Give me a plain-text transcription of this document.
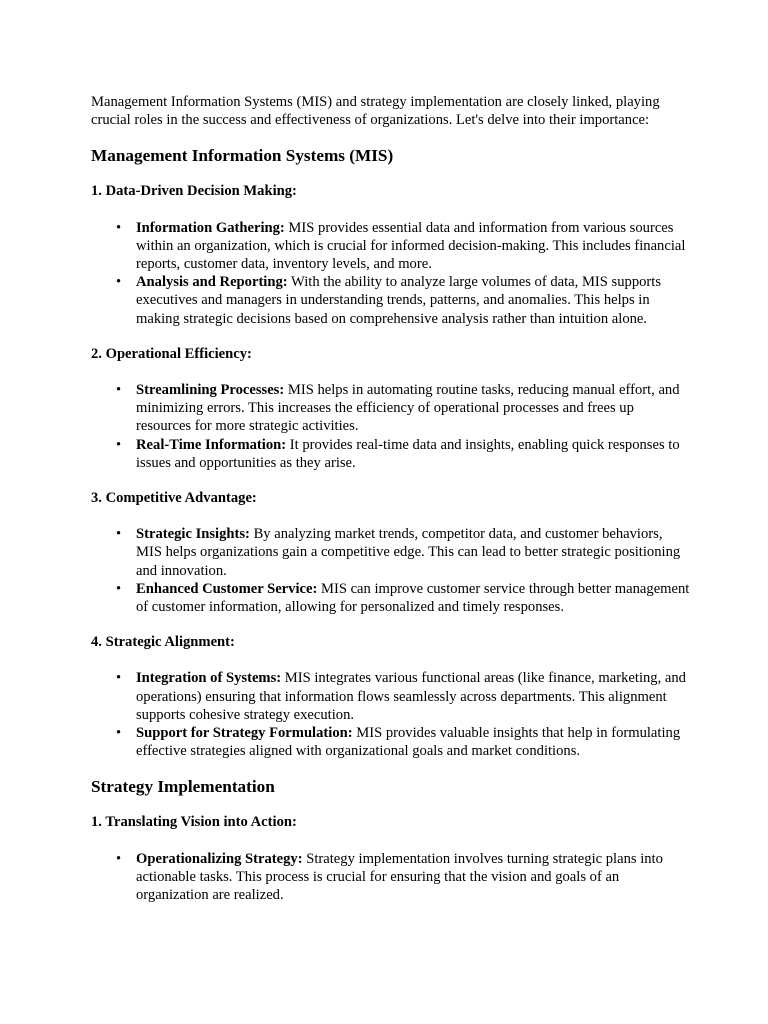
Management Information Systems (MIS) and strategy implementation are closely linked, playing crucial roles in the success and effectiveness of organizations. Let's delve into their importance:

Management Information Systems (MIS)
1. Data-Driven Decision Making:
• Information Gathering: MIS provides essential data and information from various sources within an organization, which is crucial for informed decision-making. This includes financial reports, customer data, inventory levels, and more.
• Analysis and Reporting: With the ability to analyze large volumes of data, MIS supports executives and managers in understanding trends, patterns, and anomalies. This helps in making strategic decisions based on comprehensive analysis rather than intuition alone.
2. Operational Efficiency:
• Streamlining Processes: MIS helps in automating routine tasks, reducing manual effort, and minimizing errors. This increases the efficiency of operational processes and frees up resources for more strategic activities.
• Real-Time Information: It provides real-time data and insights, enabling quick responses to issues and opportunities as they arise.
3. Competitive Advantage:
• Strategic Insights: By analyzing market trends, competitor data, and customer behaviors, MIS helps organizations gain a competitive edge. This can lead to better strategic positioning and innovation.
• Enhanced Customer Service: MIS can improve customer service through better management of customer information, allowing for personalized and timely responses.
4. Strategic Alignment:
• Integration of Systems: MIS integrates various functional areas (like finance, marketing, and operations) ensuring that information flows seamlessly across departments. This alignment supports cohesive strategy execution.
• Support for Strategy Formulation: MIS provides valuable insights that help in formulating effective strategies aligned with organizational goals and market conditions.
Strategy Implementation
1. Translating Vision into Action:
• Operationalizing Strategy: Strategy implementation involves turning strategic plans into actionable tasks. This process is crucial for ensuring that the vision and goals of an organization are realized.
